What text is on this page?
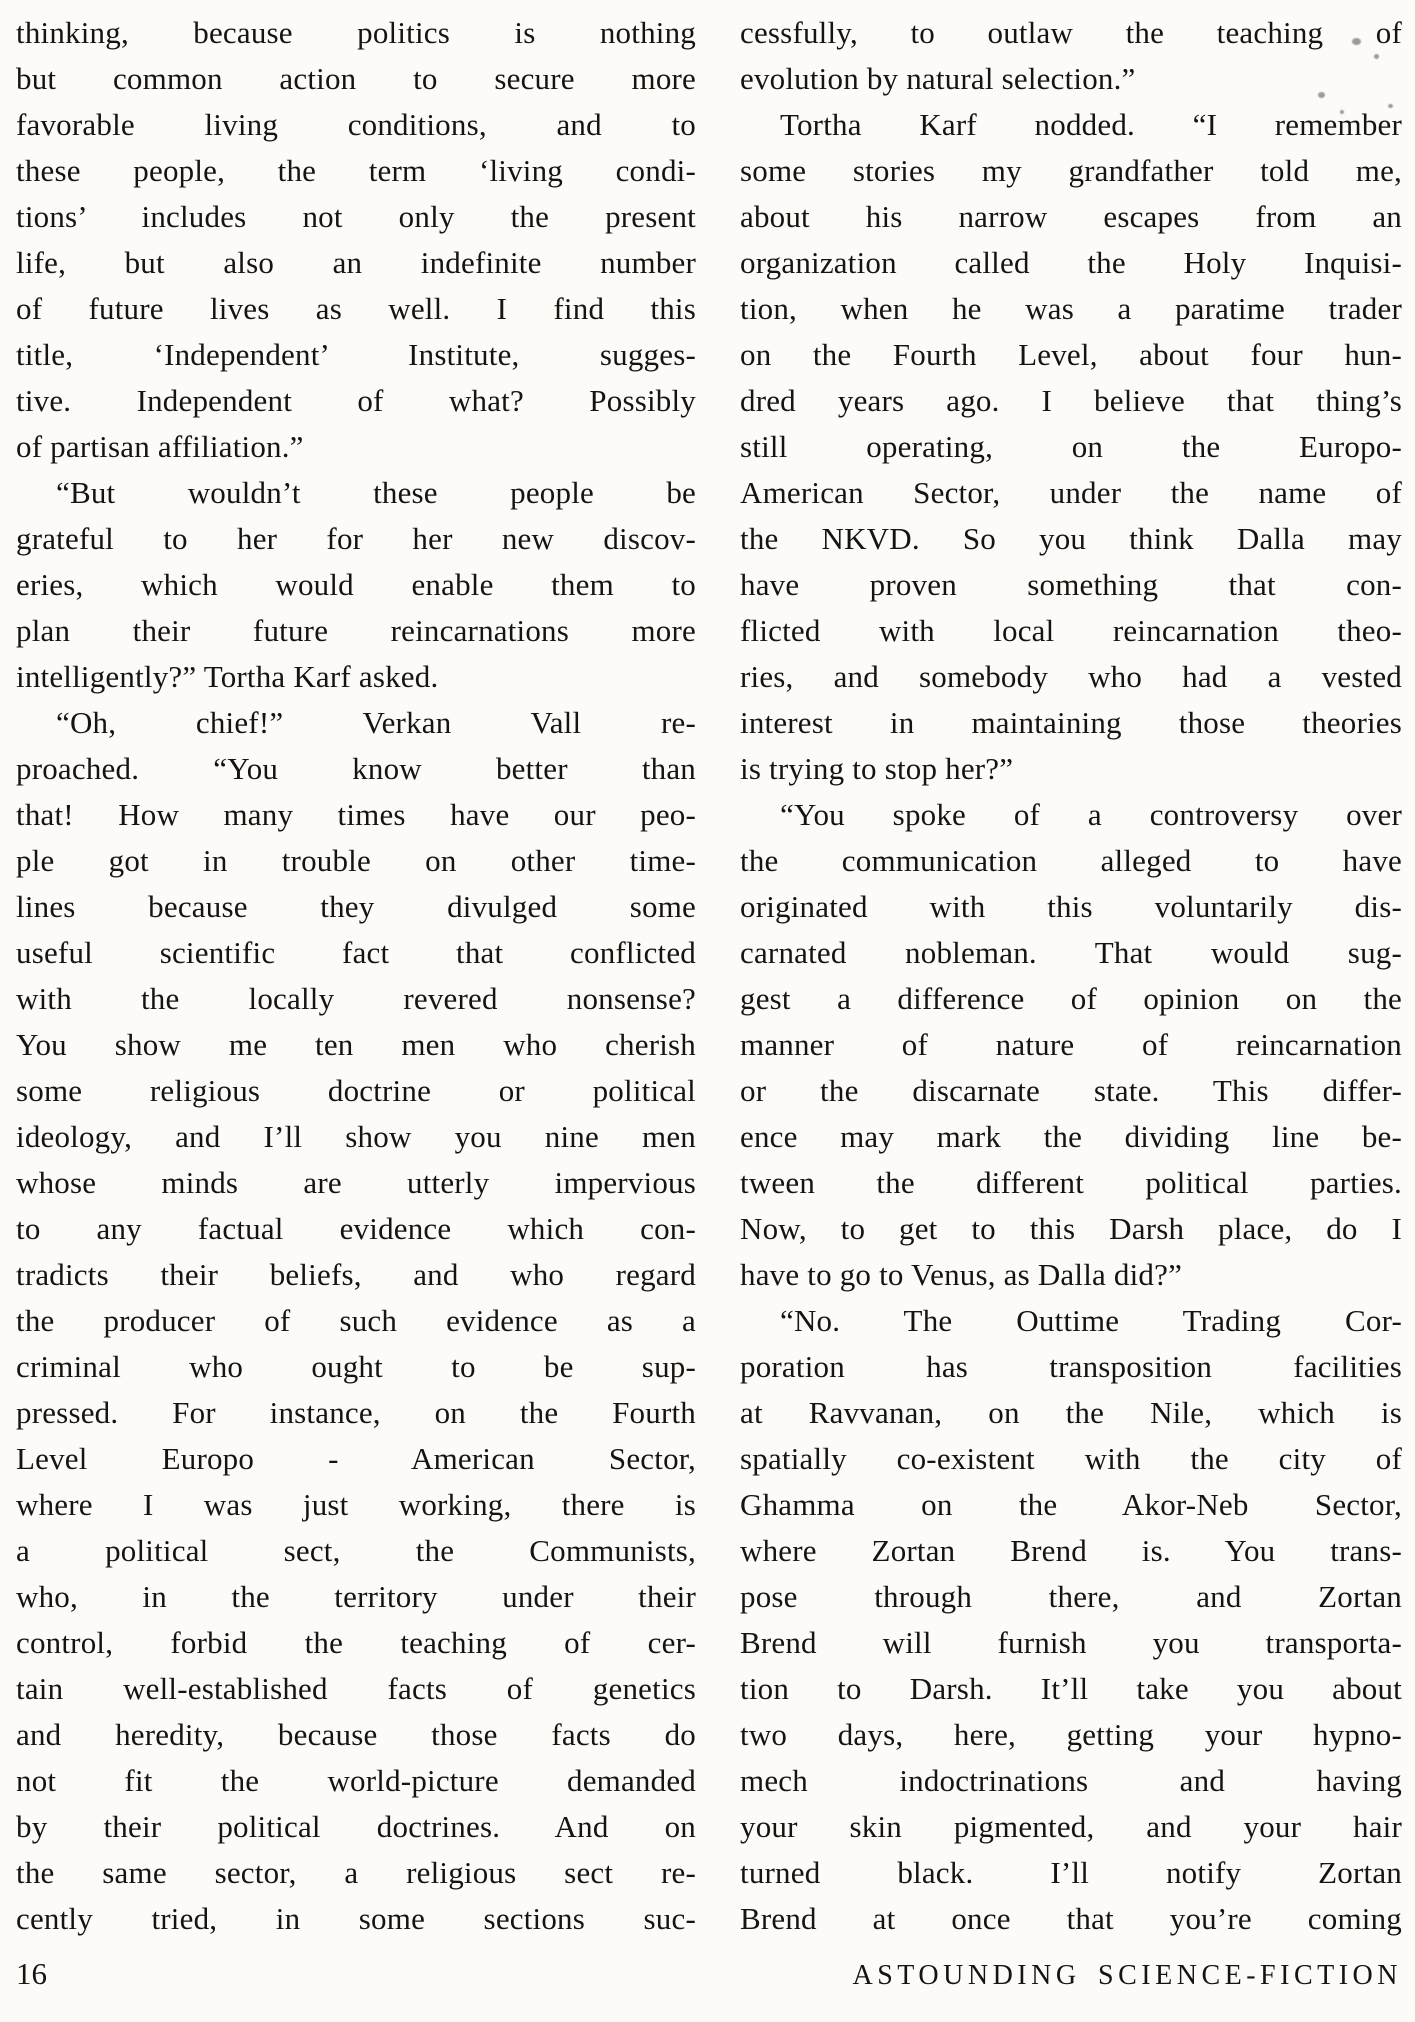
thinking, because politics is nothing
but common action to secure more
favorable living conditions, and to
these people, the term ‘living condi-
tions’ includes not only the present
life, but also an indefinite number
of future lives as well. I find this
title, ‘Independent’ Institute, sugges-
tive. Independent of what? Possibly
of partisan affiliation.”
“But wouldn’t these people be
grateful to her for her new discov-
eries, which would enable them to
plan their future reincarnations more
intelligently?” Tortha Karf asked.
“Oh, chief!” Verkan Vall re-
proached. “You know better than
that! How many times have our peo-
ple got in trouble on other time-
lines because they divulged some
useful scientific fact that conflicted
with the locally revered nonsense?
You show me ten men who cherish
some religious doctrine or political
ideology, and I’ll show you nine men
whose minds are utterly impervious
to any factual evidence which con-
tradicts their beliefs, and who regard
the producer of such evidence as a
criminal who ought to be sup-
pressed. For instance, on the Fourth
Level Europo - American Sector,
where I was just working, there is
a political sect, the Communists,
who, in the territory under their
control, forbid the teaching of cer-
tain well-established facts of genetics
and heredity, because those facts do
not fit the world-picture demanded
by their political doctrines. And on
the same sector, a religious sect re-
cently tried, in some sections suc-
cessfully, to outlaw the teaching of
evolution by natural selection.”
Tortha Karf nodded. “I remember
some stories my grandfather told me,
about his narrow escapes from an
organization called the Holy Inquisi-
tion, when he was a paratime trader
on the Fourth Level, about four hun-
dred years ago. I believe that thing’s
still operating, on the Europo-
American Sector, under the name of
the NKVD. So you think Dalla may
have proven something that con-
flicted with local reincarnation theo-
ries, and somebody who had a vested
interest in maintaining those theories
is trying to stop her?”
“You spoke of a controversy over
the communication alleged to have
originated with this voluntarily dis-
carnated nobleman. That would sug-
gest a difference of opinion on the
manner of nature of reincarnation
or the discarnate state. This differ-
ence may mark the dividing line be-
tween the different political parties.
Now, to get to this Darsh place, do I
have to go to Venus, as Dalla did?”
“No. The Outtime Trading Cor-
poration has transposition facilities
at Ravvanan, on the Nile, which is
spatially co-existent with the city of
Ghamma on the Akor-Neb Sector,
where Zortan Brend is. You trans-
pose through there, and Zortan
Brend will furnish you transporta-
tion to Darsh. It’ll take you about
two days, here, getting your hypno-
mech indoctrinations and having
your skin pigmented, and your hair
turned black. I’ll notify Zortan
Brend at once that you’re coming
16	ASTOUNDING SCIENCE-FICTION
